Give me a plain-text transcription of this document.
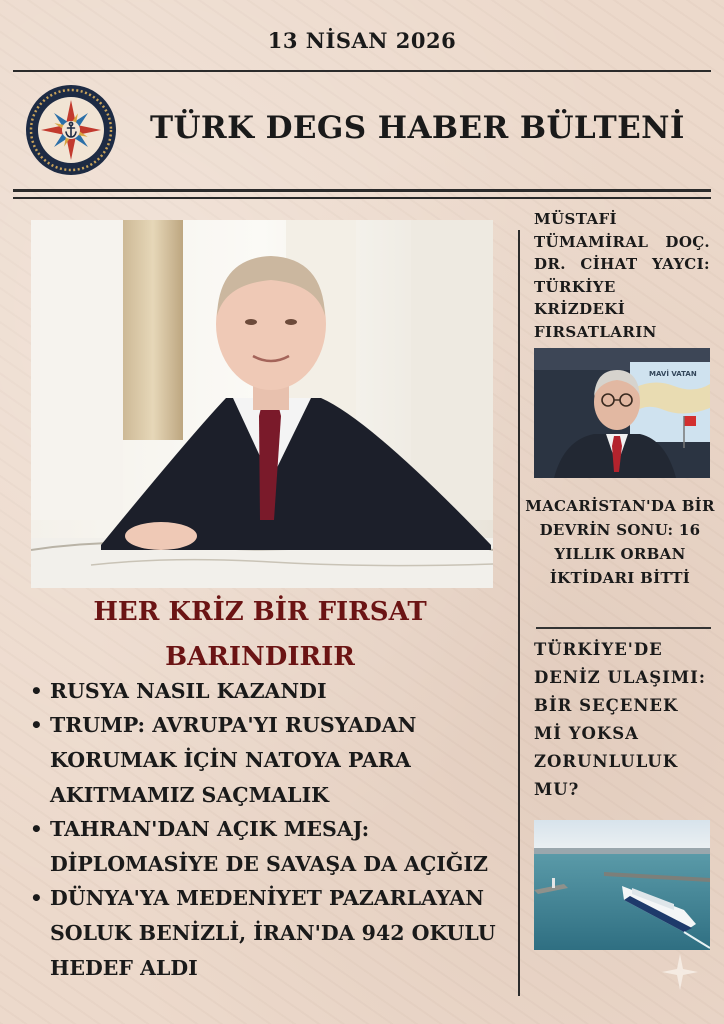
13 NİSAN 2026
TÜRK DEGS HABER BÜLTENİ
HER KRİZ BİR FIRSAT BARINDIRIR
• RUSYA NASIL KAZANDI
• TRUMP: AVRUPA'YI RUSYADAN KORUMAK İÇİN NATOYA PARA AKITMAMIZ SAÇMALIK
• TAHRAN'DAN AÇIK MESAJ: DİPLOMASİYE DE SAVAŞA DA AÇIĞIZ
• DÜNYA'YA MEDENİYET PAZARLAYAN SOLUK BENİZLİ, İRAN'DA 942 OKULU HEDEF ALDI
MÜSTAFİ TÜMAMİRAL DOÇ. DR. CİHAT YAYCI: TÜRKİYE KRİZDEKİ FIRSATLARIN
MAVİ VATAN
MACARİSTAN'DA BİR DEVRİN SONU: 16 YILLIK ORBAN İKTİDARI BİTTİ
TÜRKİYE'DE DENİZ ULAŞIMI: BİR SEÇENEK Mİ YOKSA ZORUNLULUK MU?
